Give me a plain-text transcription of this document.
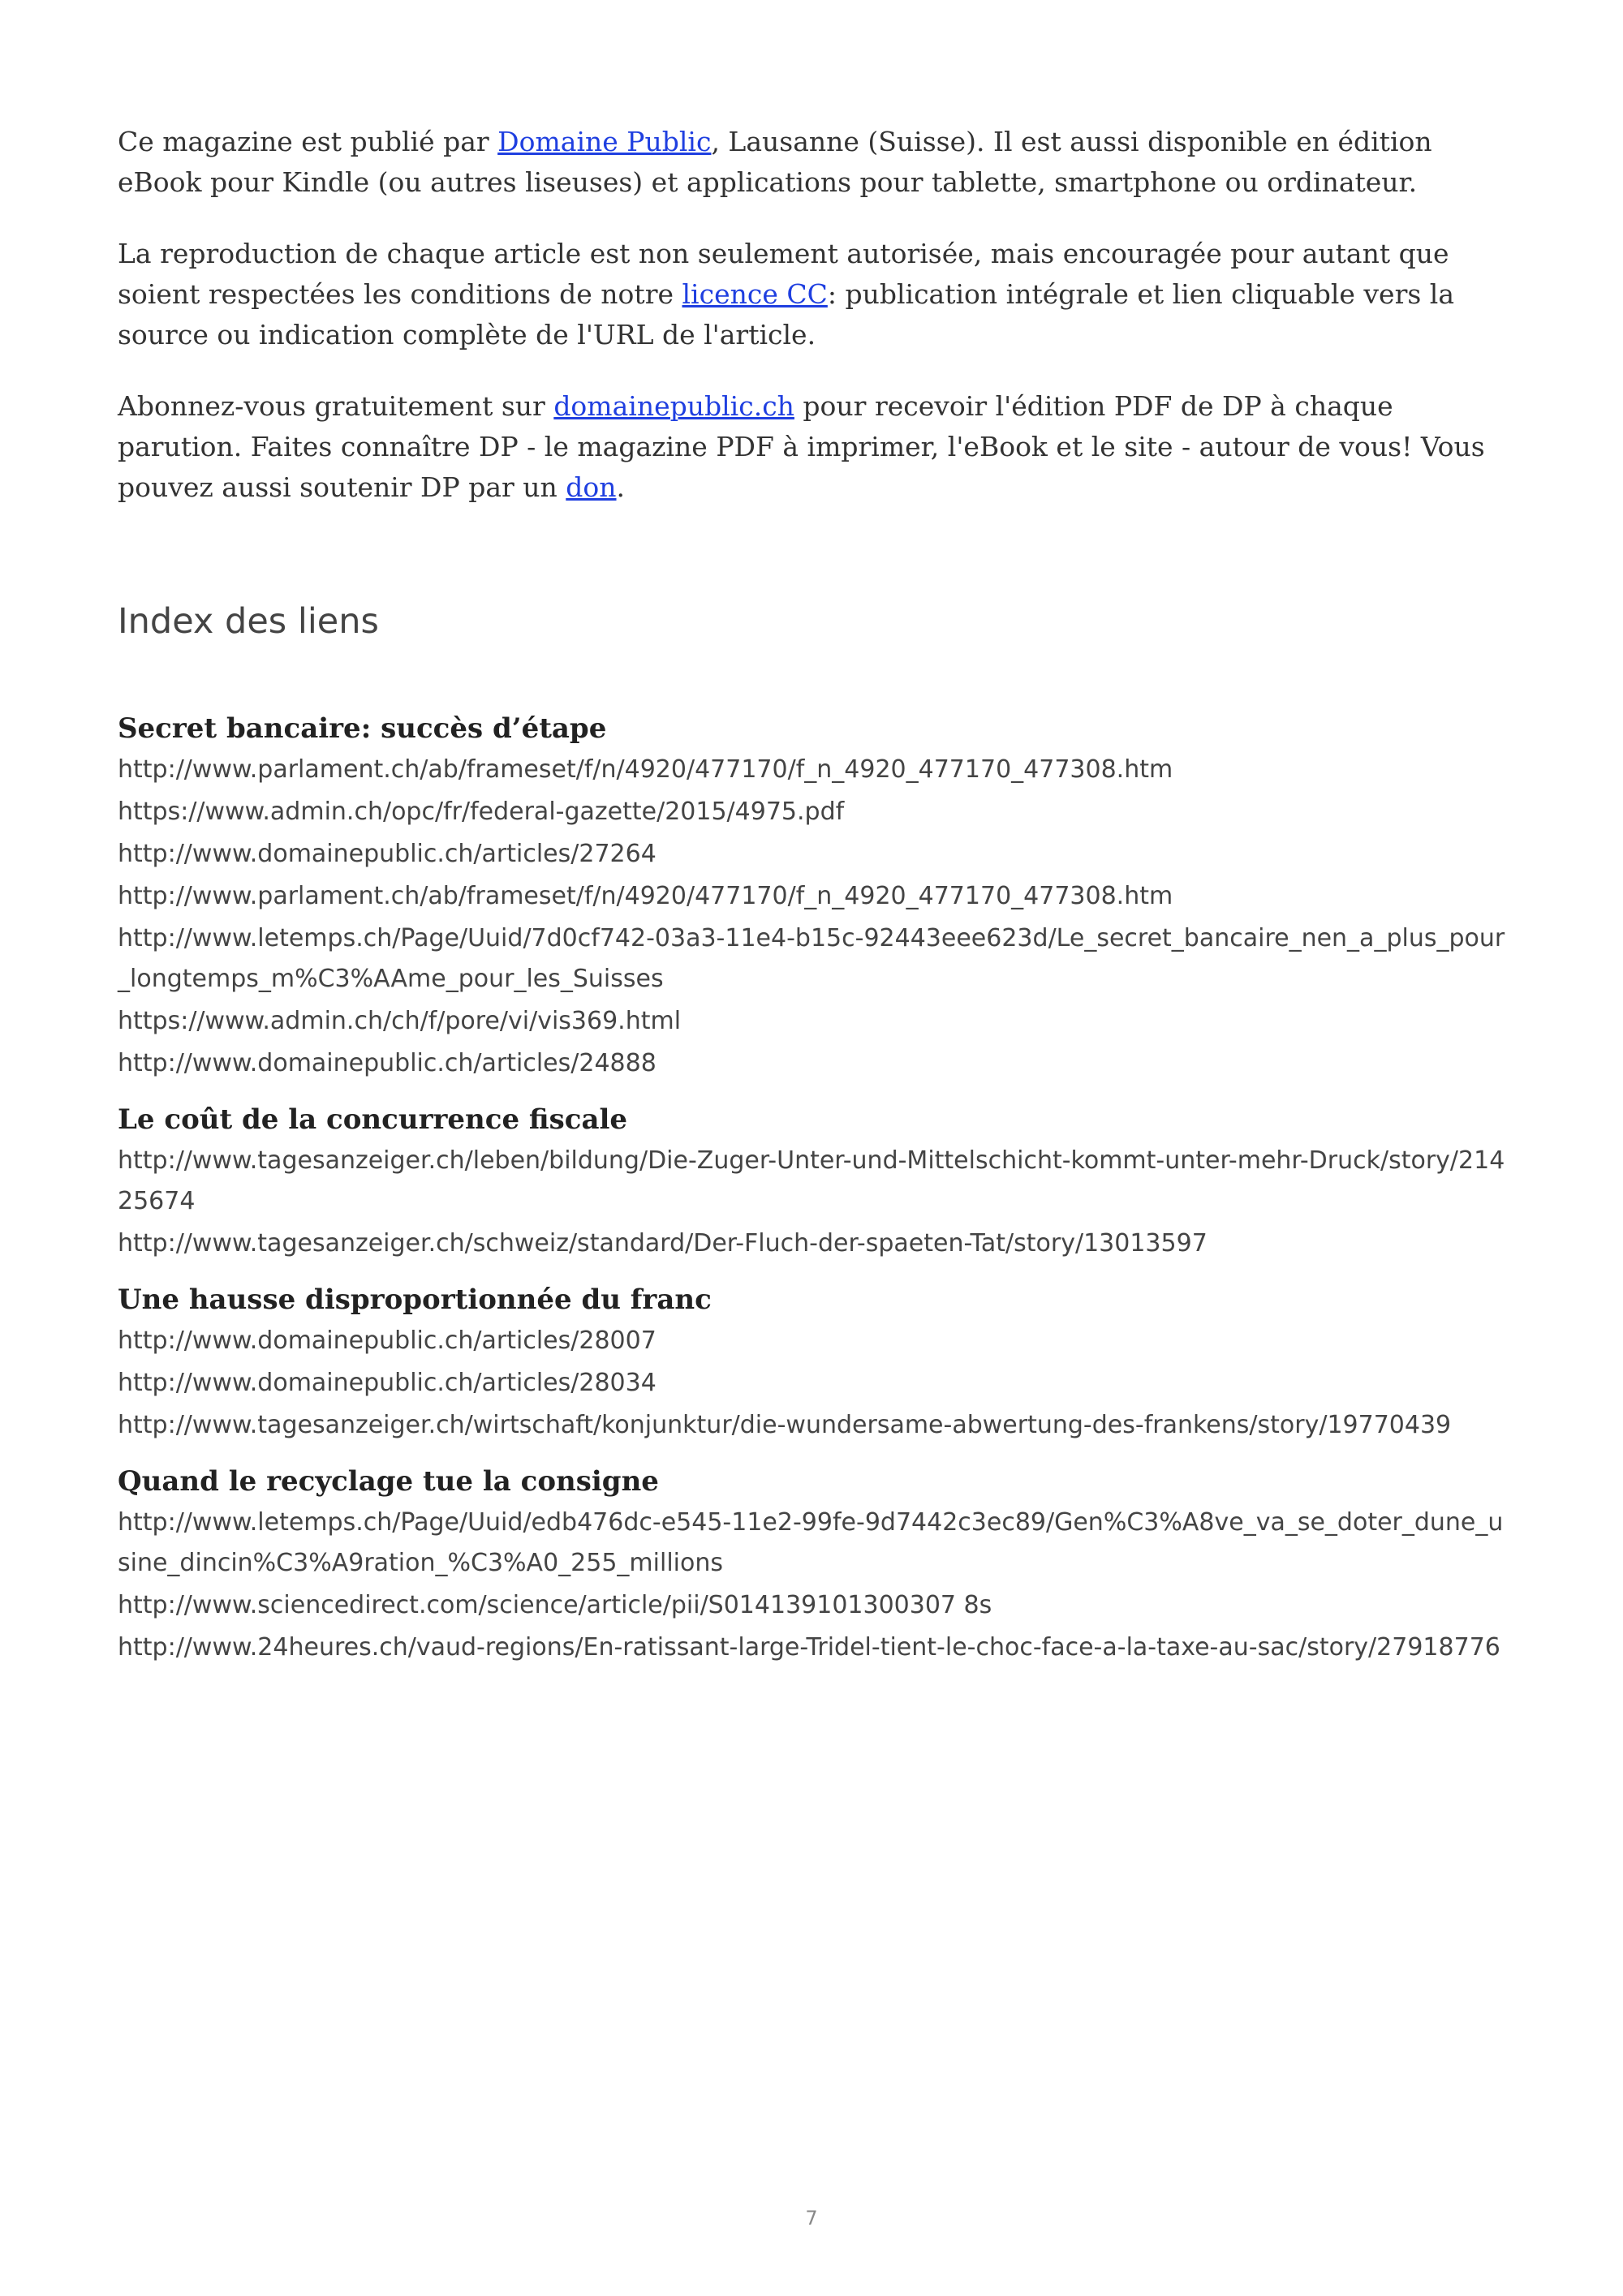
Ce magazine est publié par Domaine Public, Lausanne (Suisse). Il est aussi disponible en édition eBook pour Kindle (ou autres liseuses) et applications pour tablette, smartphone ou ordinateur.

La reproduction de chaque article est non seulement autorisée, mais encouragée pour autant que soient respectées les conditions de notre licence CC: publication intégrale et lien cliquable vers la source ou indication complète de l'URL de l'article.

Abonnez-vous gratuitement sur domainepublic.ch pour recevoir l'édition PDF de DP à chaque parution. Faites connaître DP - le magazine PDF à imprimer, l'eBook et le site - autour de vous! Vous pouvez aussi soutenir DP par un don.

Index des liens
Secret bancaire: succès d’étape
http://www.parlament.ch/ab/frameset/f/n/4920/477170/f_n_4920_477170_477308.htm
https://www.admin.ch/opc/fr/federal-gazette/2015/4975.pdf
http://www.domainepublic.ch/articles/27264
http://www.parlament.ch/ab/frameset/f/n/4920/477170/f_n_4920_477170_477308.htm
http://www.letemps.ch/Page/Uuid/7d0cf742-03a3-11e4-b15c-92443eee623d/Le_secret_bancaire_nen_a_plus_pour_longtemps_m%C3%AAme_pour_les_Suisses
https://www.admin.ch/ch/f/pore/vi/vis369.html
http://www.domainepublic.ch/articles/24888
Le coût de la concurrence fiscale
http://www.tagesanzeiger.ch/leben/bildung/Die-Zuger-Unter-und-Mittelschicht-kommt-unter-mehr-Druck/story/21425674
http://www.tagesanzeiger.ch/schweiz/standard/Der-Fluch-der-spaeten-Tat/story/13013597
Une hausse disproportionnée du franc
http://www.domainepublic.ch/articles/28007
http://www.domainepublic.ch/articles/28034
http://www.tagesanzeiger.ch/wirtschaft/konjunktur/die-wundersame-abwertung-des-frankens/story/19770439
Quand le recyclage tue la consigne
http://www.letemps.ch/Page/Uuid/edb476dc-e545-11e2-99fe-9d7442c3ec89/Gen%C3%A8ve_va_se_doter_dune_usine_dincin%C3%A9ration_%C3%A0_255_millions
http://www.sciencedirect.com/science/article/pii/S014139101300307 8s
http://www.24heures.ch/vaud-regions/En-ratissant-large-Tridel-tient-le-choc-face-a-la-taxe-au-sac/story/27918776
7
